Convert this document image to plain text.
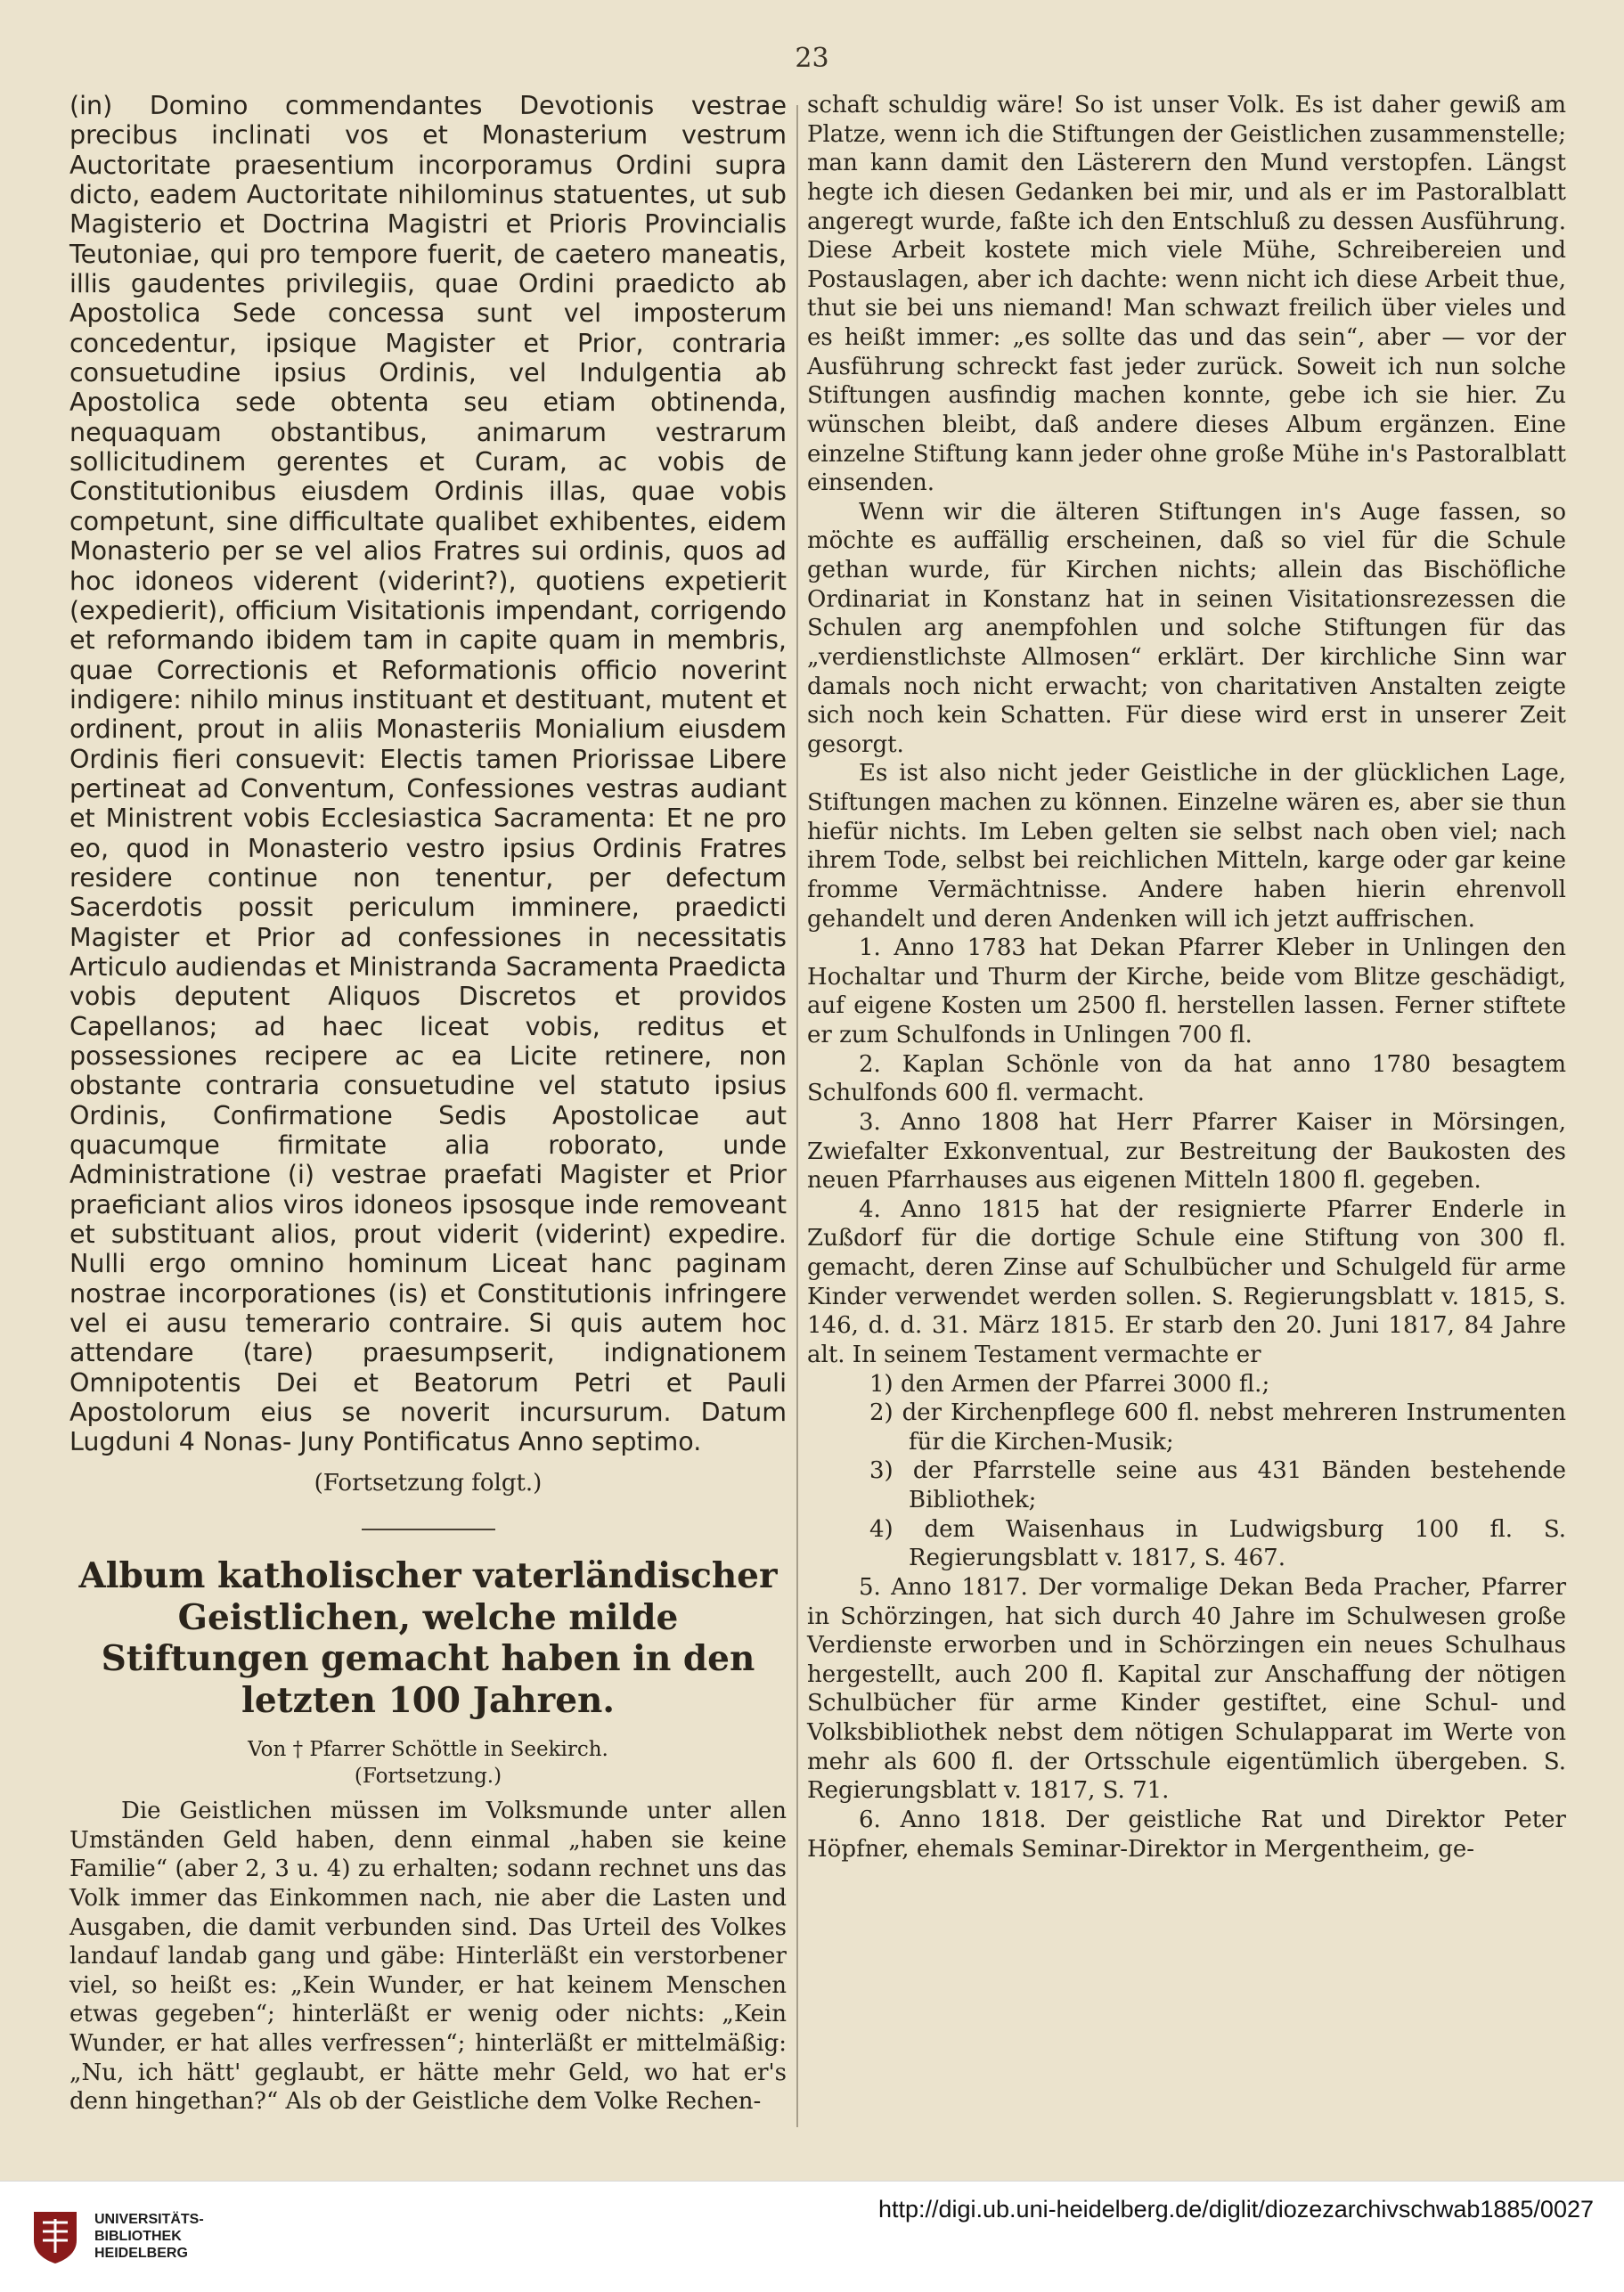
23

(in) Domino commendantes Devotionis vestrae precibus inclinati vos et Monasterium vestrum Auctoritate praesentium incorporamus Ordini supra dicto, eadem Auctoritate nihilominus statuentes, ut sub Magisterio et Doctrina Magistri et Prioris Provincialis Teutoniae, qui pro tempore fuerit, de caetero maneatis, illis gaudentes privilegiis, quae Ordini praedicto ab Apostolica Sede concessa sunt vel imposterum concedentur, ipsique Magister et Prior, contraria consuetudine ipsius Ordinis, vel Indulgentia ab Apostolica sede obtenta seu etiam obtinenda, nequaquam obstantibus, animarum vestrarum sollicitudinem gerentes et Curam, ac vobis de Constitutionibus eiusdem Ordinis illas, quae vobis competunt, sine difficultate qualibet exhibentes, eidem Monasterio per se vel alios Fratres sui ordinis, quos ad hoc idoneos viderent (viderint?), quotiens expetierit (expedierit), officium Visitationis impendant, corrigendo et reformando ibidem tam in capite quam in membris, quae Correctionis et Reformationis officio noverint indigere: nihilo minus instituant et destituant, mutent et ordinent, prout in aliis Monasteriis Monialium eiusdem Ordinis fieri consuevit: Electis tamen Priorissae Libere pertineat ad Conventum, Confessiones vestras audiant et Ministrent vobis Ecclesiastica Sacramenta: Et ne pro eo, quod in Monasterio vestro ipsius Ordinis Fratres residere continue non tenentur, per defectum Sacerdotis possit periculum imminere, praedicti Magister et Prior ad confessiones in necessitatis Articulo audiendas et Ministranda Sacramenta Praedicta vobis deputent Aliquos Discretos et providos Capellanos; ad haec liceat vobis, reditus et possessiones recipere ac ea Licite retinere, non obstante contraria consuetudine vel statuto ipsius Ordinis, Confirmatione Sedis Apostolicae aut quacumque firmitate alia roborato, unde Administratione (i) vestrae praefati Magister et Prior praeficiant alios viros idoneos ipsosque inde removeant et substituant alios, prout viderit (viderint) expedire. Nulli ergo omnino hominum Liceat hanc paginam nostrae incorporationes (is) et Constitutionis infringere vel ei ausu temerario contraire. Si quis autem hoc attendare (tare) praesumpserit, indignationem Omnipotentis Dei et Beatorum Petri et Pauli Apostolorum eius se noverit incursurum. Datum Lugduni 4 Nonas- Juny Pontificatus Anno septimo.

(Fortsetzung folgt.)
Album katholischer vaterländischer Geistlichen, welche milde Stiftungen gemacht haben in den letzten 100 Jahren.
Von † Pfarrer Schöttle in Seekirch.
(Fortsetzung.)

Die Geistlichen müssen im Volksmunde unter allen Umständen Geld haben, denn einmal „haben sie keine Familie“ (aber 2, 3 u. 4) zu erhalten; sodann rechnet uns das Volk immer das Einkommen nach, nie aber die Lasten und Ausgaben, die damit verbunden sind. Das Urteil des Volkes landauf landab gang und gäbe: Hinterläßt ein verstorbener viel, so heißt es: „Kein Wunder, er hat keinem Menschen etwas gegeben“; hinterläßt er wenig oder nichts: „Kein Wunder, er hat alles verfressen“; hinterläßt er mittelmäßig: „Nu, ich hätt' geglaubt, er hätte mehr Geld, wo hat er's denn hingethan?“ Als ob der Geistliche dem Volke Rechen-

schaft schuldig wäre! So ist unser Volk. Es ist daher gewiß am Platze, wenn ich die Stiftungen der Geistlichen zusammenstelle; man kann damit den Lästerern den Mund verstopfen. Längst hegte ich diesen Gedanken bei mir, und als er im Pastoralblatt angeregt wurde, faßte ich den Entschluß zu dessen Ausführung. Diese Arbeit kostete mich viele Mühe, Schreibereien und Postauslagen, aber ich dachte: wenn nicht ich diese Arbeit thue, thut sie bei uns niemand! Man schwazt freilich über vieles und es heißt immer: „es sollte das und das sein“, aber — vor der Ausführung schreckt fast jeder zurück. Soweit ich nun solche Stiftungen ausfindig machen konnte, gebe ich sie hier. Zu wünschen bleibt, daß andere dieses Album ergänzen. Eine einzelne Stiftung kann jeder ohne große Mühe in's Pastoralblatt einsenden.

Wenn wir die älteren Stiftungen in's Auge fassen, so möchte es auffällig erscheinen, daß so viel für die Schule gethan wurde, für Kirchen nichts; allein das Bischöfliche Ordinariat in Konstanz hat in seinen Visitationsrezessen die Schulen arg anempfohlen und solche Stiftungen für das „verdienstlichste Allmosen“ erklärt. Der kirchliche Sinn war damals noch nicht erwacht; von charitativen Anstalten zeigte sich noch kein Schatten. Für diese wird erst in unserer Zeit gesorgt.

Es ist also nicht jeder Geistliche in der glücklichen Lage, Stiftungen machen zu können. Einzelne wären es, aber sie thun hiefür nichts. Im Leben gelten sie selbst nach oben viel; nach ihrem Tode, selbst bei reichlichen Mitteln, karge oder gar keine fromme Vermächtnisse. Andere haben hierin ehrenvoll gehandelt und deren Andenken will ich jetzt auffrischen.

1. Anno 1783 hat Dekan Pfarrer Kleber in Unlingen den Hochaltar und Thurm der Kirche, beide vom Blitze geschädigt, auf eigene Kosten um 2500 fl. herstellen lassen. Ferner stiftete er zum Schulfonds in Unlingen 700 fl.

2. Kaplan Schönle von da hat anno 1780 besagtem Schulfonds 600 fl. vermacht.

3. Anno 1808 hat Herr Pfarrer Kaiser in Mörsingen, Zwiefalter Exkonventual, zur Bestreitung der Baukosten des neuen Pfarrhauses aus eigenen Mitteln 1800 fl. gegeben.

4. Anno 1815 hat der resignierte Pfarrer Enderle in Zußdorf für die dortige Schule eine Stiftung von 300 fl. gemacht, deren Zinse auf Schulbücher und Schulgeld für arme Kinder verwendet werden sollen. S. Regierungsblatt v. 1815, S. 146, d. d. 31. März 1815. Er starb den 20. Juni 1817, 84 Jahre alt. In seinem Testament vermachte er

1) den Armen der Pfarrei 3000 fl.;
2) der Kirchenpflege 600 fl. nebst mehreren Instrumenten für die Kirchen-Musik;
3) der Pfarrstelle seine aus 431 Bänden bestehende Bibliothek;
4) dem Waisenhaus in Ludwigsburg 100 fl. S. Regierungsblatt v. 1817, S. 467.

5. Anno 1817. Der vormalige Dekan Beda Pracher, Pfarrer in Schörzingen, hat sich durch 40 Jahre im Schulwesen große Verdienste erworben und in Schörzingen ein neues Schulhaus hergestellt, auch 200 fl. Kapital zur Anschaffung der nötigen Schulbücher für arme Kinder gestiftet, eine Schul- und Volksbibliothek nebst dem nötigen Schulapparat im Werte von mehr als 600 fl. der Ortsschule eigentümlich übergeben. S. Regierungsblatt v. 1817, S. 71.

6. Anno 1818. Der geistliche Rat und Direktor Peter Höpfner, ehemals Seminar-Direktor in Mergentheim, ge-

UNIVERSITÄTS-
BIBLIOTHEK
HEIDELBERG
http://digi.ub.uni-heidelberg.de/diglit/diozezarchivschwab1885/0027
